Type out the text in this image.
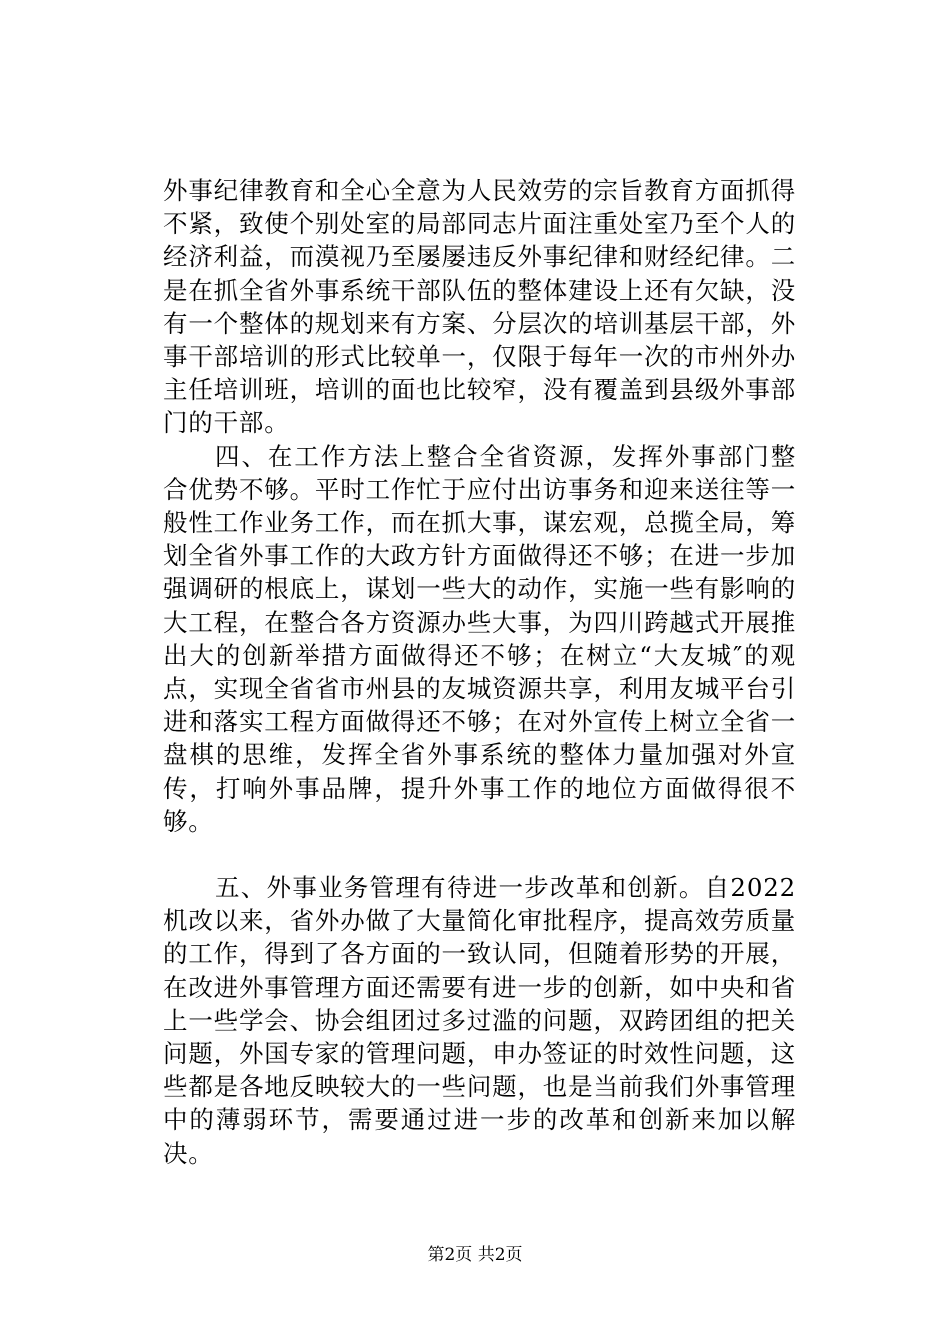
外事纪律教育和全心全意为人民效劳的宗旨教育方面抓得不紧，致使个别处室的局部同志片面注重处室乃至个人的经济利益，而漠视乃至屡屡违反外事纪律和财经纪律。二是在抓全省外事系统干部队伍的整体建设上还有欠缺，没有一个整体的规划来有方案、分层次的培训基层干部，外事干部培训的形式比较单一，仅限于每年一次的市州外办主任培训班，培训的面也比较窄，没有覆盖到县级外事部门的干部。

四、在工作方法上整合全省资源，发挥外事部门整合优势不够。平时工作忙于应付出访事务和迎来送往等一般性工作业务工作，而在抓大事，谋宏观，总揽全局，筹划全省外事工作的大政方针方面做得还不够；在进一步加强调研的根底上，谋划一些大的动作，实施一些有影响的大工程，在整合各方资源办些大事，为四川跨越式开展推出大的创新举措方面做得还不够；在树立“大友城″的观点，实现全省省市州县的友城资源共享，利用友城平台引进和落实工程方面做得还不够；在对外宣传上树立全省一盘棋的思维，发挥全省外事系统的整体力量加强对外宣传，打响外事品牌，提升外事工作的地位方面做得很不够。

五、外事业务管理有待进一步改革和创新。自2022机改以来，省外办做了大量简化审批程序，提高效劳质量的工作，得到了各方面的一致认同，但随着形势的开展，在改进外事管理方面还需要有进一步的创新，如中央和省上一些学会、协会组团过多过滥的问题，双跨团组的把关问题，外国专家的管理问题，申办签证的时效性问题，这些都是各地反映较大的一些问题，也是当前我们外事管理中的薄弱环节，需要通过进一步的改革和创新来加以解决。

第2页 共2页
